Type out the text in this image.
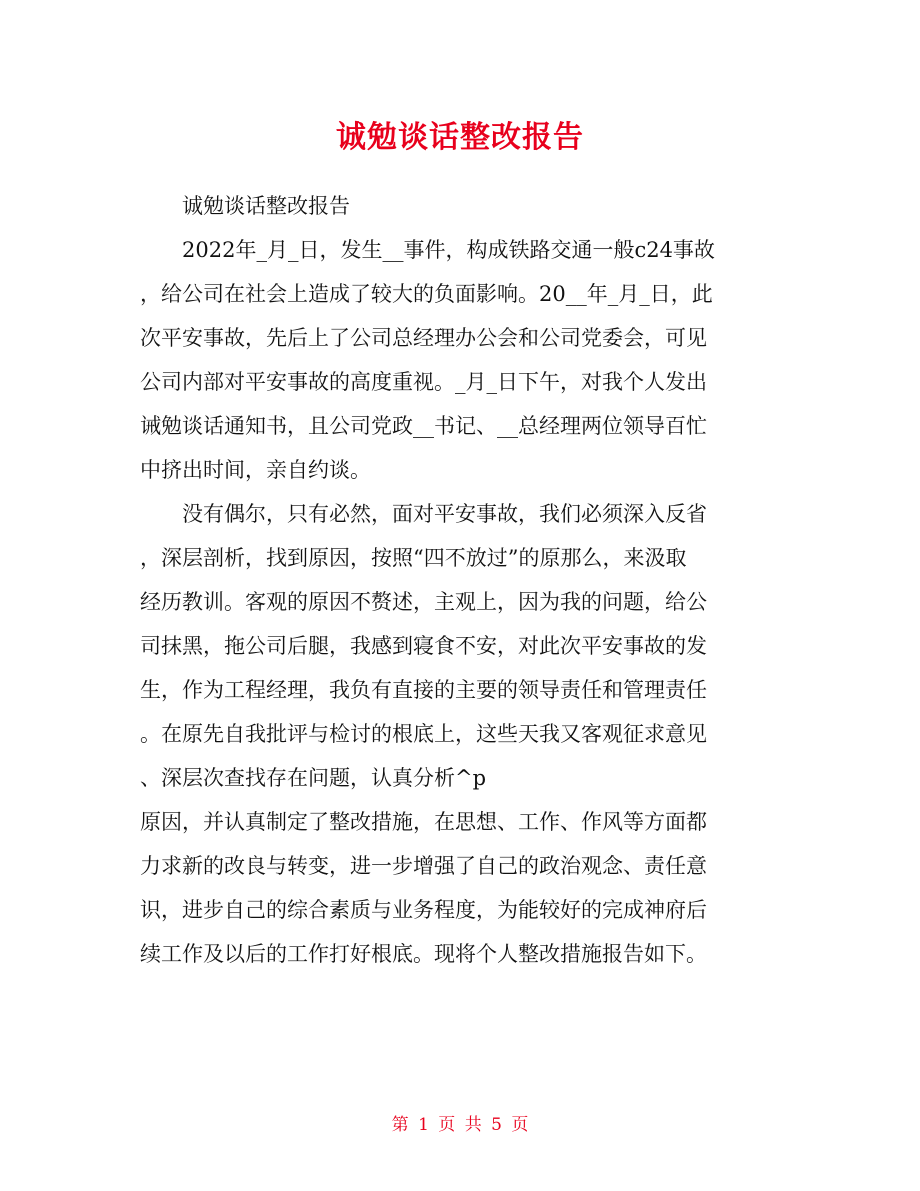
诚勉谈话整改报告
诚勉谈话整改报告
2022年_月_日，发生__事件，构成铁路交通一般c24事故
，给公司在社会上造成了较大的负面影响。20__年_月_日，此
次平安事故，先后上了公司总经理办公会和公司党委会，可见
公司内部对平安事故的高度重视。_月_日下午，对我个人发出
诫勉谈话通知书，且公司党政__书记、__总经理两位领导百忙
中挤出时间，亲自约谈。
没有偶尔，只有必然，面对平安事故，我们必须深入反省
，深层剖析，找到原因，按照“四不放过”的原那么，来汲取
经历教训。客观的原因不赘述，主观上，因为我的问题，给公
司抹黑，拖公司后腿，我感到寝食不安，对此次平安事故的发
生，作为工程经理，我负有直接的主要的领导责任和管理责任
。在原先自我批评与检讨的根底上，这些天我又客观征求意见
、深层次查找存在问题，认真分析^p
原因，并认真制定了整改措施，在思想、工作、作风等方面都
力求新的改良与转变，进一步增强了自己的政治观念、责任意
识，进步自己的综合素质与业务程度，为能较好的完成神府后
续工作及以后的工作打好根底。现将个人整改措施报告如下。
第 1 页 共 5 页
